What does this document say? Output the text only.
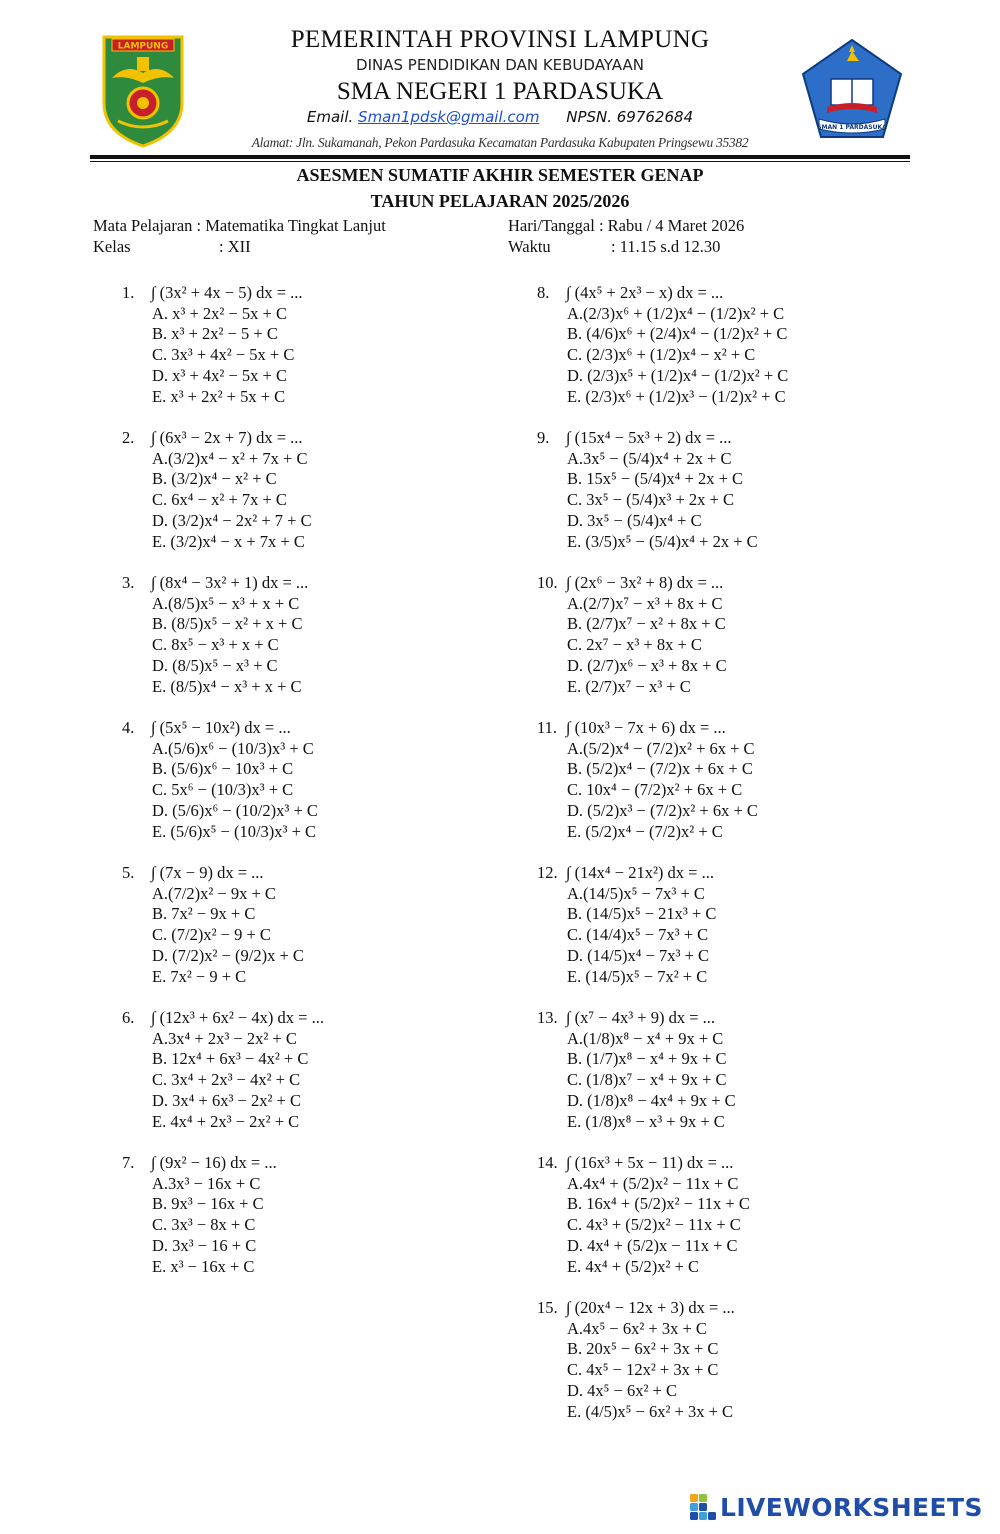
LAMPUNG
SMAN 1 PARDASUKA
PEMERINTAH PROVINSI LAMPUNG
DINAS PENDIDIKAN DAN KEBUDAYAAN
SMA NEGERI 1 PARDASUKA
Email. Sman1pdsk@gmail.com NPSN. 69762684
Alamat: Jln. Sukamanah, Pekon Pardasuka Kecamatan Pardasuka Kabupaten Pringsewu 35382
ASESMEN SUMATIF AKHIR SEMESTER GENAP
TAHUN PELAJARAN 2025/2026
Mata Pelajaran : Matematika Tingkat Lanjut
Kelas	: XII
Hari/Tanggal : Rabu / 4 Maret 2026
Waktu	: 11.15 s.d 12.30
1. ∫ (3x² + 4x − 5) dx = ...
A. x³ + 2x² − 5x + C
B. x³ + 2x² − 5 + C
C. 3x³ + 4x² − 5x + C
D. x³ + 4x² − 5x + C
E. x³ + 2x² + 5x + C
2. ∫ (6x³ − 2x + 7) dx = ...
A.(3/2)x⁴ − x² + 7x + C
B. (3/2)x⁴ − x² + C
C. 6x⁴ − x² + 7x + C
D. (3/2)x⁴ − 2x² + 7 + C
E. (3/2)x⁴ − x + 7x + C
3. ∫ (8x⁴ − 3x² + 1) dx = ...
A.(8/5)x⁵ − x³ + x + C
B. (8/5)x⁵ − x² + x + C
C. 8x⁵ − x³ + x + C
D. (8/5)x⁵ − x³ + C
E. (8/5)x⁴ − x³ + x + C
4. ∫ (5x⁵ − 10x²) dx = ...
A.(5/6)x⁶ − (10/3)x³ + C
B. (5/6)x⁶ − 10x³ + C
C. 5x⁶ − (10/3)x³ + C
D. (5/6)x⁶ − (10/2)x³ + C
E. (5/6)x⁵ − (10/3)x³ + C
5. ∫ (7x − 9) dx = ...
A.(7/2)x² − 9x + C
B. 7x² − 9x + C
C. (7/2)x² − 9 + C
D. (7/2)x² − (9/2)x + C
E. 7x² − 9 + C
6. ∫ (12x³ + 6x² − 4x) dx = ...
A.3x⁴ + 2x³ − 2x² + C
B. 12x⁴ + 6x³ − 4x² + C
C. 3x⁴ + 2x³ − 4x² + C
D. 3x⁴ + 6x³ − 2x² + C
E. 4x⁴ + 2x³ − 2x² + C
7. ∫ (9x² − 16) dx = ...
A.3x³ − 16x + C
B. 9x³ − 16x + C
C. 3x³ − 8x + C
D. 3x³ − 16 + C
E. x³ − 16x + C
8. ∫ (4x⁵ + 2x³ − x) dx = ...
A.(2/3)x⁶ + (1/2)x⁴ − (1/2)x² + C
B. (4/6)x⁶ + (2/4)x⁴ − (1/2)x² + C
C. (2/3)x⁶ + (1/2)x⁴ − x² + C
D. (2/3)x⁵ + (1/2)x⁴ − (1/2)x² + C
E. (2/3)x⁶ + (1/2)x³ − (1/2)x² + C
9. ∫ (15x⁴ − 5x³ + 2) dx = ...
A.3x⁵ − (5/4)x⁴ + 2x + C
B. 15x⁵ − (5/4)x⁴ + 2x + C
C. 3x⁵ − (5/4)x³ + 2x + C
D. 3x⁵ − (5/4)x⁴ + C
E. (3/5)x⁵ − (5/4)x⁴ + 2x + C
10. ∫ (2x⁶ − 3x² + 8) dx = ...
A.(2/7)x⁷ − x³ + 8x + C
B. (2/7)x⁷ − x² + 8x + C
C. 2x⁷ − x³ + 8x + C
D. (2/7)x⁶ − x³ + 8x + C
E. (2/7)x⁷ − x³ + C
11. ∫ (10x³ − 7x + 6) dx = ...
A.(5/2)x⁴ − (7/2)x² + 6x + C
B. (5/2)x⁴ − (7/2)x + 6x + C
C. 10x⁴ − (7/2)x² + 6x + C
D. (5/2)x³ − (7/2)x² + 6x + C
E. (5/2)x⁴ − (7/2)x² + C
12. ∫ (14x⁴ − 21x²) dx = ...
A.(14/5)x⁵ − 7x³ + C
B. (14/5)x⁵ − 21x³ + C
C. (14/4)x⁵ − 7x³ + C
D. (14/5)x⁴ − 7x³ + C
E. (14/5)x⁵ − 7x² + C
13. ∫ (x⁷ − 4x³ + 9) dx = ...
A.(1/8)x⁸ − x⁴ + 9x + C
B. (1/7)x⁸ − x⁴ + 9x + C
C. (1/8)x⁷ − x⁴ + 9x + C
D. (1/8)x⁸ − 4x⁴ + 9x + C
E. (1/8)x⁸ − x³ + 9x + C
14. ∫ (16x³ + 5x − 11) dx = ...
A.4x⁴ + (5/2)x² − 11x + C
B. 16x⁴ + (5/2)x² − 11x + C
C. 4x³ + (5/2)x² − 11x + C
D. 4x⁴ + (5/2)x − 11x + C
E. 4x⁴ + (5/2)x² + C
15. ∫ (20x⁴ − 12x + 3) dx = ...
A.4x⁵ − 6x² + 3x + C
B. 20x⁵ − 6x² + 3x + C
C. 4x⁵ − 12x² + 3x + C
D. 4x⁵ − 6x² + C
E. (4/5)x⁵ − 6x² + 3x + C
LIVEWORKSHEETS
